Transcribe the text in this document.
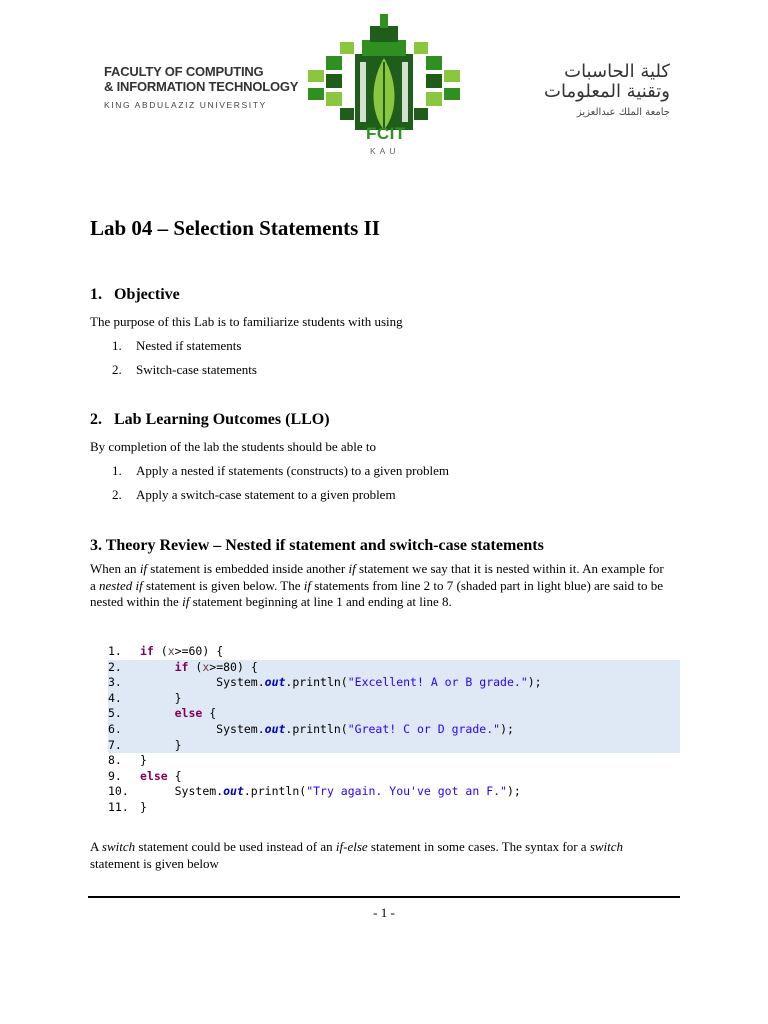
FACULTY OF COMPUTING
& INFORMATION TECHNOLOGY
KING ABDULAZIZ UNIVERSITY
FCIT
KAU
كلية الحاسبات
وتقنية المعلومات
جامعة الملك عبدالعزيز
Lab 04 – Selection Statements II
1. Objective
The purpose of this Lab is to familiarize students with using
1.	Nested if statements
2.	Switch-case statements
2. Lab Learning Outcomes (LLO)
By completion of the lab the students should be able to
1.	Apply a nested if statements (constructs) to a given problem
2.	Apply a switch-case statement to a given problem
3. Theory Review – Nested if statement and switch-case statements
When an if statement is embedded inside another if statement we say that it is nested within it. An example for a nested if statement is given below. The if statements from line 2 to 7 (shaded part in light blue) are said to be nested within the if statement beginning at line 1 and ending at line 8.
1. if (x>=60) {
2.	if (x>=80) {
3.	System.out.println("Excellent! A or B grade.");
4.	}
5.	else {
6.	System.out.println("Great! C or D grade.");
7.	}
8. }
9. else {
10.	System.out.println("Try again. You've got an F.");
11. }
A switch statement could be used instead of an if-else statement in some cases. The syntax for a switch statement is given below
- 1 -
